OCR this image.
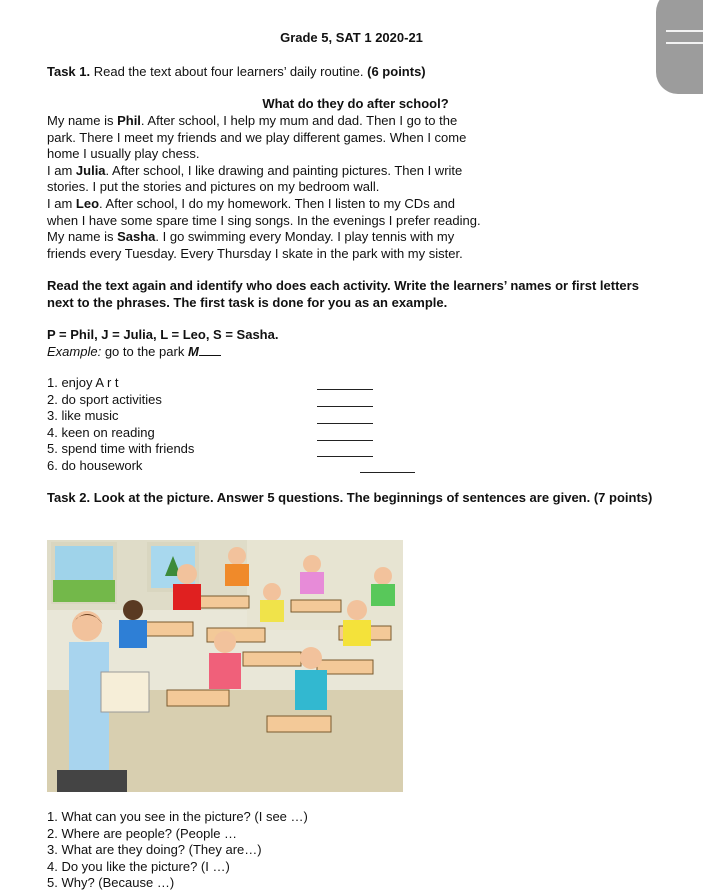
Grade 5, SAT 1 2020-21
Task 1. Read the text about four learners’ daily routine. (6 points)
What do they do after school?
My name is Phil. After school, I help my mum and dad. Then I go to the
park. There I meet my friends and we play different games. When I come
home I usually play chess.
I am Julia. After school, I like drawing and painting pictures. Then I write
stories. I put the stories and pictures on my bedroom wall.
I am Leo. After school, I do my homework. Then I listen to my CDs and
when I have some spare time I sing songs. In the evenings I prefer reading.
My name is Sasha. I go swimming every Monday. I play tennis with my
friends every Tuesday. Every Thursday I skate in the park with my sister.
Read the text again and identify who does each activity. Write the learners’ names or first letters next to the phrases. The first task is done for you as an example.
P = Phil, J = Julia, L = Leo, S = Sasha.
Example: go to the park M
1. enjoy A r t
2. do sport activities
3. like music
4. keen on reading
5. spend time with friends
6. do housework
Task 2. Look at the picture. Answer 5 questions. The beginnings of sentences are given. (7 points)
1. What can you see in the picture? (I see …)
2. Where are people? (People …
3. What are they doing? (They are…)
4. Do you like the picture? (I …)
5. Why? (Because …)
